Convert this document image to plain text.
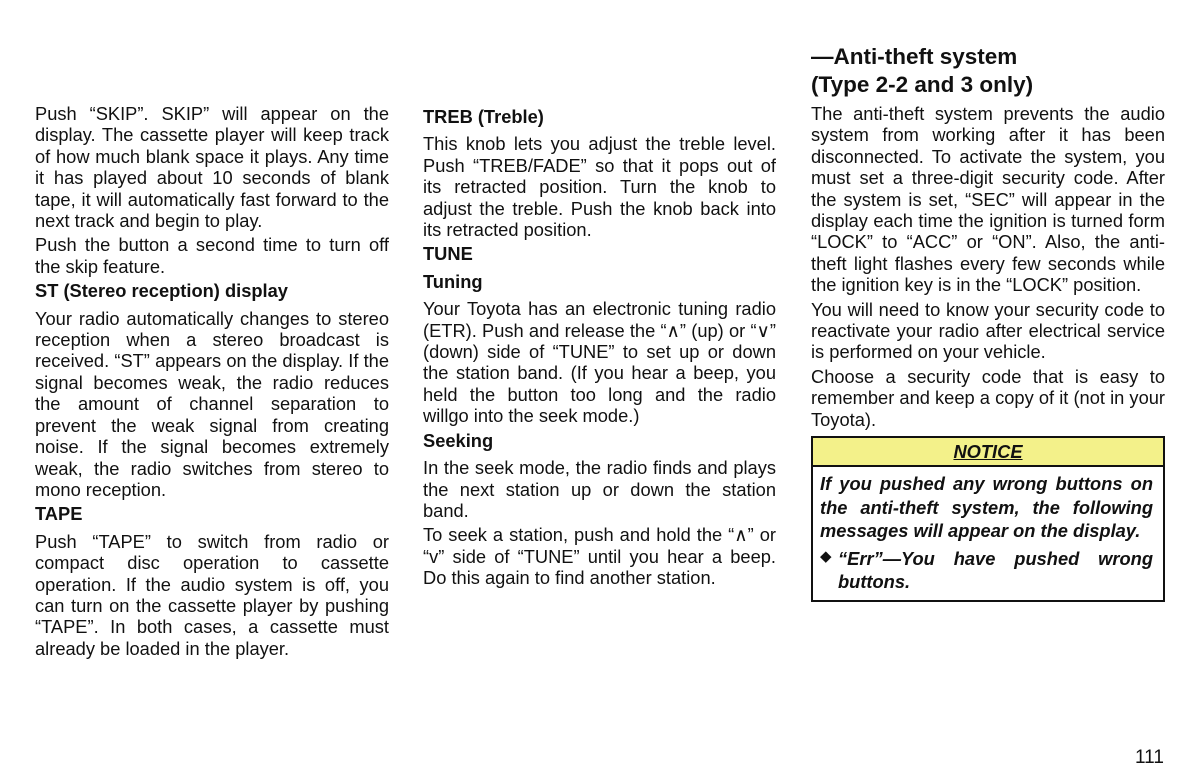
Push “SKIP”. SKIP” will appear on the display. The cassette player will keep track of how much blank space it plays. Any time it has played about 10 seconds of blank tape, it will automatically fast forward to the next track and begin to play.

Push the button a second time to turn off the skip feature.

ST (Stereo reception) display

Your radio automatically changes to stereo reception when a stereo broadcast is received. “ST” appears on the display. If the signal becomes weak, the radio reduces the amount of channel separation to prevent the weak signal from creating noise. If the signal becomes extremely weak, the radio switches from stereo to mono reception.

TAPE

Push “TAPE” to switch from radio or compact disc operation to cassette operation. If the audio system is off, you can turn on the cassette player by pushing “TAPE”. In both cases, a cassette must already be loaded in the player.

TREB (Treble)

This knob lets you adjust the treble level. Push “TREB/FADE” so that it pops out of its retracted position. Turn the knob to adjust the treble. Push the knob back into its retracted position.

TUNE
Tuning

Your Toyota has an electronic tuning radio (ETR). Push and release the “∧” (up) or “∨” (down) side of “TUNE” to set up or down the station band. (If you hear a beep, you held the button too long and the radio willgo into the seek mode.)

Seeking

In the seek mode, the radio finds and plays the next station up or down the station band.

To seek a station, push and hold the “∧” or “v” side of “TUNE” until you hear a beep. Do this again to find another station.

—Anti-theft system
(Type 2-2 and 3 only)

The anti-theft system prevents the audio system from working after it has been disconnected. To activate the system, you must set a three-digit security code. After the system is set, “SEC” will appear in the display each time the ignition is turned form “LOCK” to “ACC” or “ON”. Also, the anti-theft light flashes every few seconds while the ignition key is in the “LOCK” position.

You will need to know your security code to reactivate your radio after electrical service is performed on your vehicle.

Choose a security code that is easy to remember and keep a copy of it (not in your Toyota).

NOTICE

If you pushed any wrong buttons on the anti-theft system, the following messages will appear on the display.

◆ “Err”—You have pushed wrong buttons.

111
